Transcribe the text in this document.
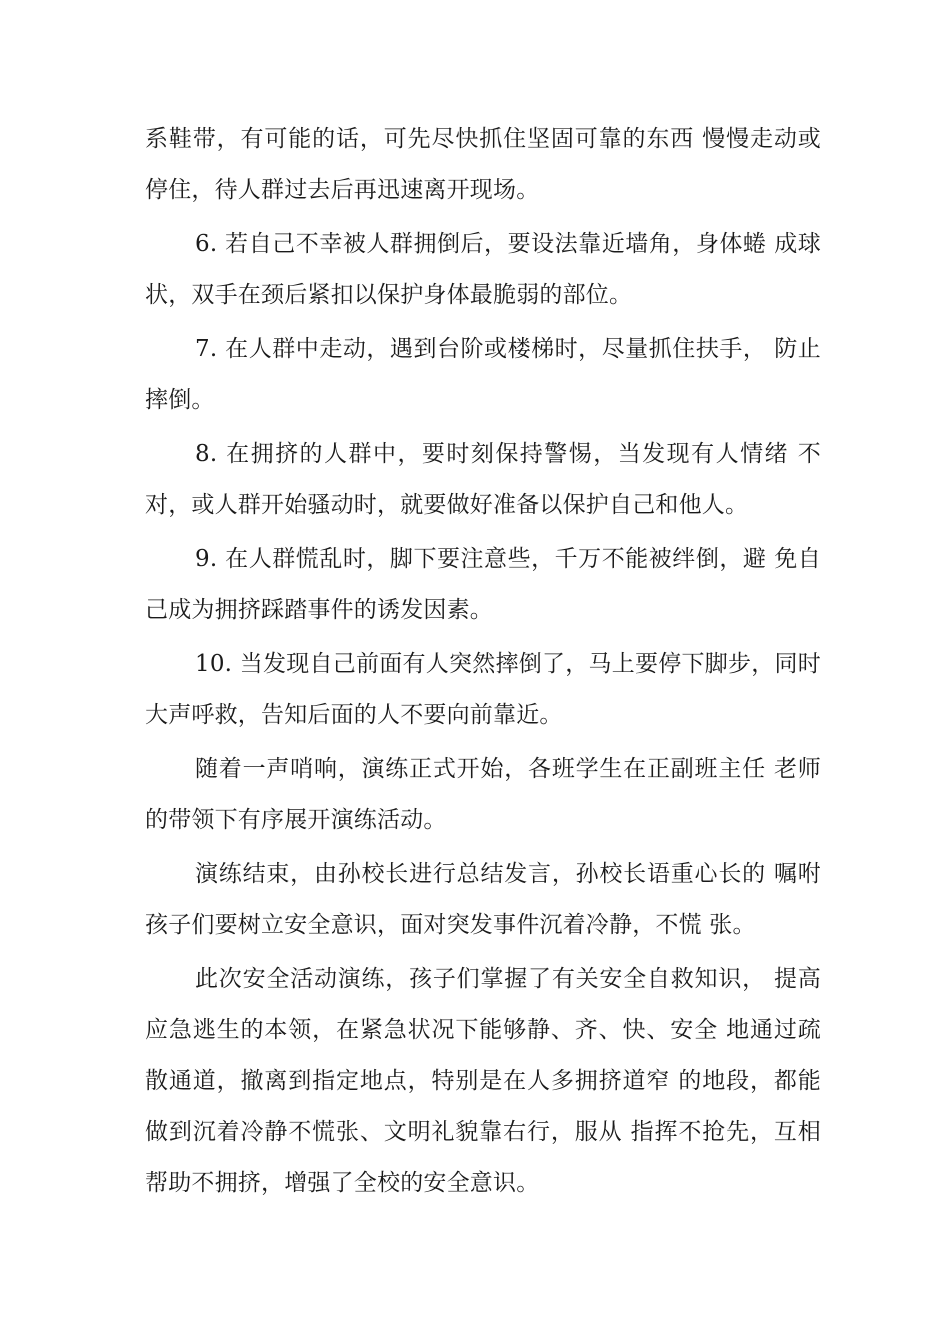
系鞋带，有可能的话，可先尽快抓住坚固可靠的东西 慢慢走动或停住，待人群过去后再迅速离开现场。

6. 若自己不幸被人群拥倒后，要设法靠近墙角，身体蜷 成球状，双手在颈后紧扣以保护身体最脆弱的部位。

7. 在人群中走动，遇到台阶或楼梯时，尽量抓住扶手， 防止摔倒。

8. 在拥挤的人群中，要时刻保持警惕，当发现有人情绪 不对，或人群开始骚动时，就要做好准备以保护自己和他人。

9. 在人群慌乱时，脚下要注意些，千万不能被绊倒，避 免自己成为拥挤踩踏事件的诱发因素。

10. 当发现自己前面有人突然摔倒了，马上要停下脚步，同时大声呼救，告知后面的人不要向前靠近。

随着一声哨响，演练正式开始，各班学生在正副班主任 老师的带领下有序展开演练活动。

演练结束，由孙校长进行总结发言，孙校长语重心长的 嘱咐孩子们要树立安全意识，面对突发事件沉着冷静，不慌 张。

此次安全活动演练，孩子们掌握了有关安全自救知识， 提高应急逃生的本领，在紧急状况下能够静、齐、快、安全 地通过疏散通道，撤离到指定地点，特别是在人多拥挤道窄 的地段，都能做到沉着冷静不慌张、文明礼貌靠右行，服从 指挥不抢先，互相帮助不拥挤，增强了全校的安全意识。
